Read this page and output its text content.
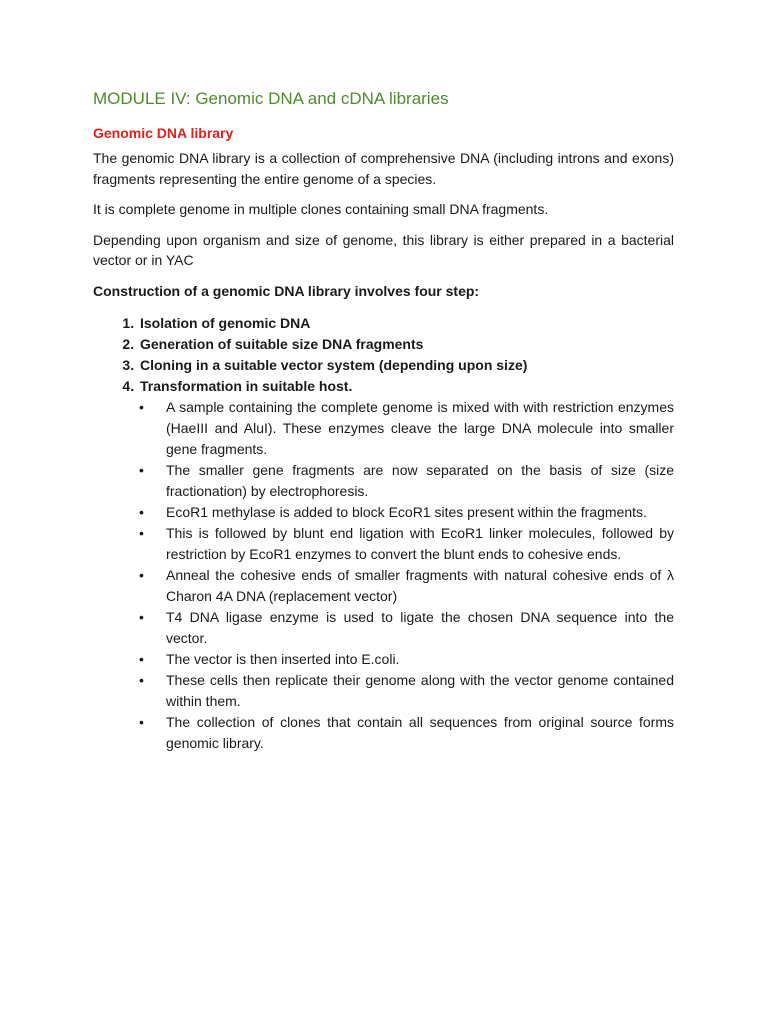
MODULE IV: Genomic DNA and cDNA libraries
Genomic DNA library

The genomic DNA library is a collection of comprehensive DNA (including introns and exons) fragments representing the entire genome of a species.

It is complete genome in multiple clones containing small DNA fragments.

Depending upon organism and size of genome, this library is either prepared in a bacterial vector or in YAC

Construction of a genomic DNA library involves four step:

1. Isolation of genomic DNA
2. Generation of suitable size DNA fragments
3. Cloning in a suitable vector system (depending upon size)
4. Transformation in suitable host.
• A sample containing the complete genome is mixed with with restriction enzymes (HaeIII and AluI). These enzymes cleave the large DNA molecule into smaller gene fragments.
• The smaller gene fragments are now separated on the basis of size (size fractionation) by electrophoresis.
• EcoR1 methylase is added to block EcoR1 sites present within the fragments.
• This is followed by blunt end ligation with EcoR1 linker molecules, followed by restriction by EcoR1 enzymes to convert the blunt ends to cohesive ends.
• Anneal the cohesive ends of smaller fragments with natural cohesive ends of λ Charon 4A DNA (replacement vector)
• T4 DNA ligase enzyme is used to ligate the chosen DNA sequence into the vector.
• The vector is then inserted into E.coli.
• These cells then replicate their genome along with the vector genome contained within them.
• The collection of clones that contain all sequences from original source forms genomic library.
